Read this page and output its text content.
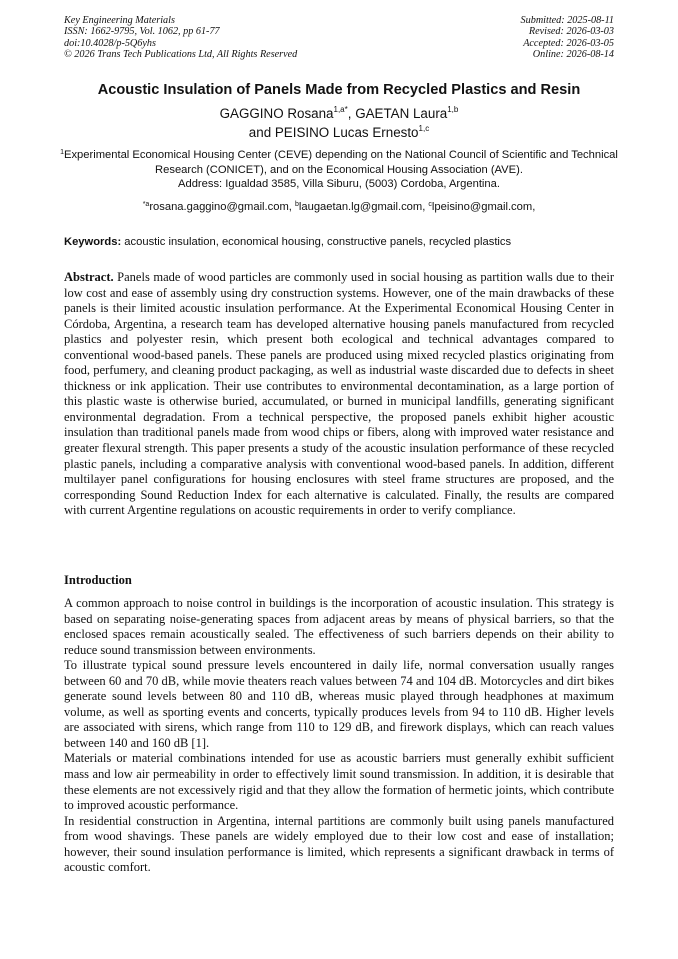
Key Engineering Materials
ISSN: 1662-9795, Vol. 1062, pp 61-77
doi:10.4028/p-5Q6yhs
© 2026 Trans Tech Publications Ltd, All Rights Reserved
Submitted: 2025-08-11
Revised: 2026-03-03
Accepted: 2026-03-05
Online: 2026-08-14
Acoustic Insulation of Panels Made from Recycled Plastics and Resin
GAGGINO Rosana$^{1,a*}$, GAETAN Laura$^{1,b}$
and PEISINO Lucas Ernesto$^{1,c}$
$^1$Experimental Economical Housing Center (CEVE) depending on the National Council of Scientific and Technical Research (CONICET), and on the Economical Housing Association (AVE).
Address: Igualdad 3585, Villa Siburu, (5003) Cordoba, Argentina.
$^{*a}$rosana.gaggino@gmail.com, $^b$laugaetan.lg@gmail.com, $^c$lpeisino@gmail.com,
Keywords: acoustic insulation, economical housing, constructive panels, recycled plastics
Abstract. Panels made of wood particles are commonly used in social housing as partition walls due to their low cost and ease of assembly using dry construction systems. However, one of the main drawbacks of these panels is their limited acoustic insulation performance. At the Experimental Economical Housing Center in Córdoba, Argentina, a research team has developed alternative housing panels manufactured from recycled plastics and polyester resin, which present both ecological and technical advantages compared to conventional wood-based panels. These panels are produced using mixed recycled plastics originating from food, perfumery, and cleaning product packaging, as well as industrial waste discarded due to defects in sheet thickness or ink application. Their use contributes to environmental decontamination, as a large portion of this plastic waste is otherwise buried, accumulated, or burned in municipal landfills, generating significant environmental degradation. From a technical perspective, the proposed panels exhibit higher acoustic insulation than traditional panels made from wood chips or fibers, along with improved water resistance and greater flexural strength. This paper presents a study of the acoustic insulation performance of these recycled plastic panels, including a comparative analysis with conventional wood-based panels. In addition, different multilayer panel configurations for housing enclosures with steel frame structures are proposed, and the corresponding Sound Reduction Index for each alternative is calculated. Finally, the results are compared with current Argentine regulations on acoustic requirements in order to verify compliance.
Introduction

A common approach to noise control in buildings is the incorporation of acoustic insulation. This strategy is based on separating noise-generating spaces from adjacent areas by means of physical barriers, so that the enclosed spaces remain acoustically sealed. The effectiveness of such barriers depends on their ability to reduce sound transmission between environments.

To illustrate typical sound pressure levels encountered in daily life, normal conversation usually ranges between 60 and 70 dB, while movie theaters reach values between 74 and 104 dB. Motorcycles and dirt bikes generate sound levels between 80 and 110 dB, whereas music played through headphones at maximum volume, as well as sporting events and concerts, typically produces levels from 94 to 110 dB. Higher levels are associated with sirens, which range from 110 to 129 dB, and firework displays, which can reach values between 140 and 160 dB [1].

Materials or material combinations intended for use as acoustic barriers must generally exhibit sufficient mass and low air permeability in order to effectively limit sound transmission. In addition, it is desirable that these elements are not excessively rigid and that they allow the formation of hermetic joints, which contribute to improved acoustic performance.

In residential construction in Argentina, internal partitions are commonly built using panels manufactured from wood shavings. These panels are widely employed due to their low cost and ease of installation; however, their sound insulation performance is limited, which represents a significant drawback in terms of acoustic comfort.
